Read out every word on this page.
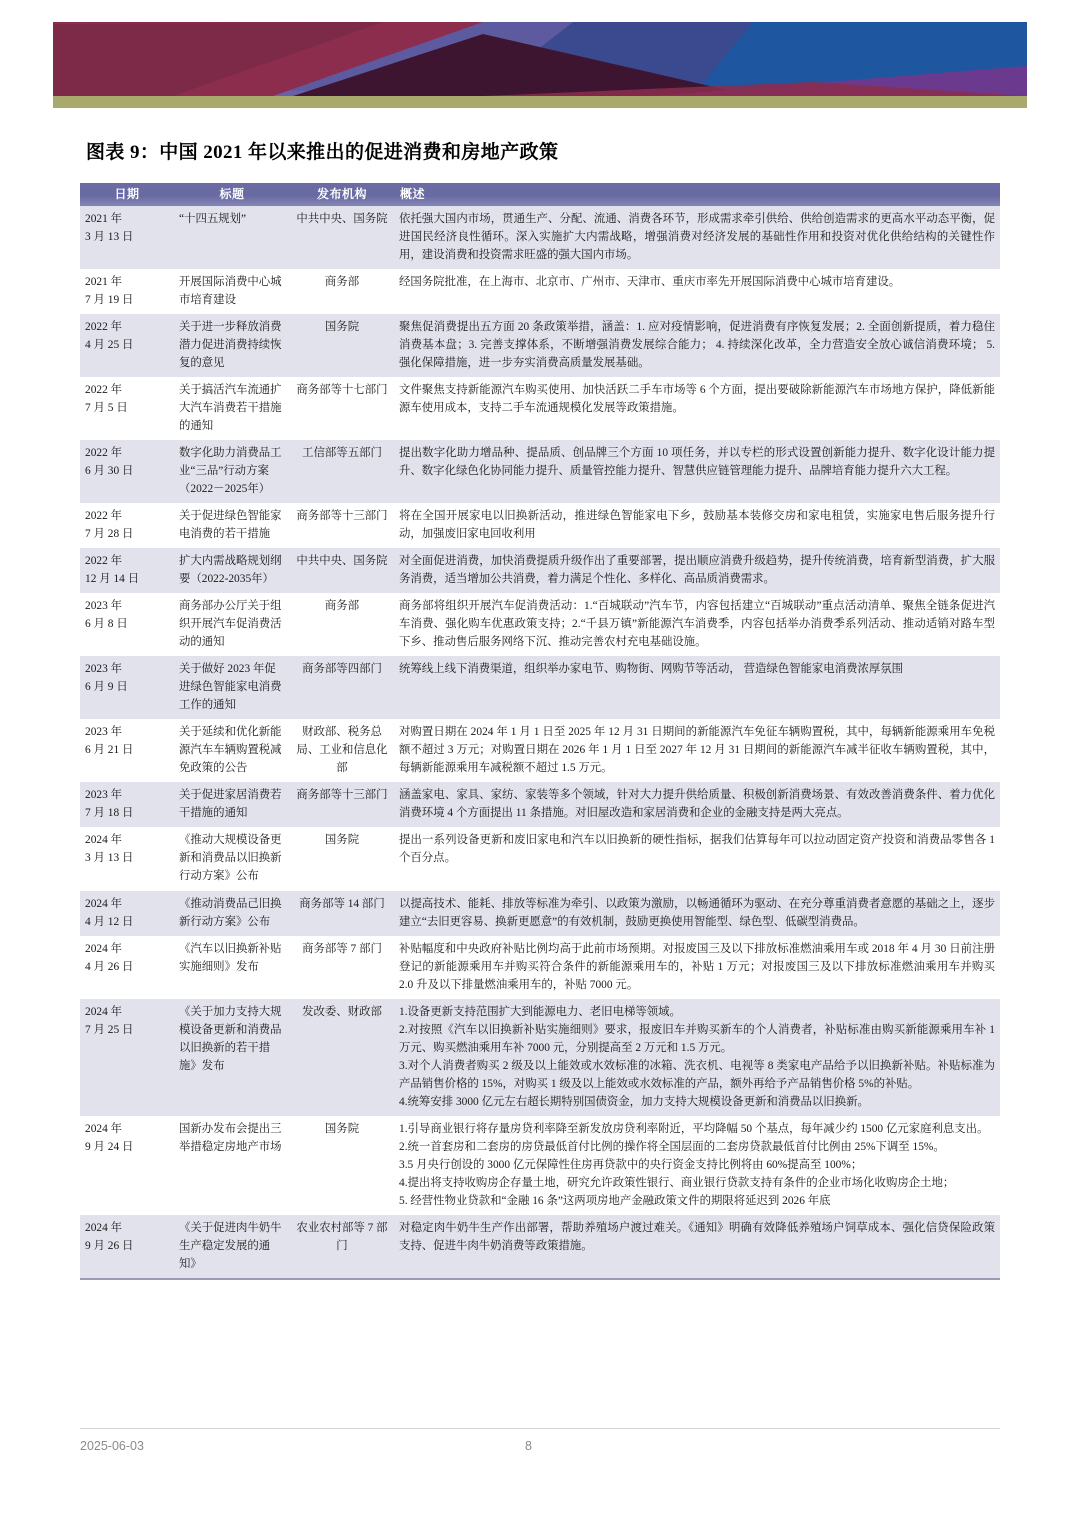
图表 9：中国 2021 年以来推出的促进消费和房地产政策
日期	标题	发布机构	概述

2021 年
3 月 13 日	“十四五规划”	中共中央、国务院	依托强大国内市场，贯通生产、分配、流通、消费各环节，形成需求牵引供给、供给创造需求的更高水平动态平衡，促进国民经济良性循环。深入实施扩大内需战略，增强消费对经济发展的基础性作用和投资对优化供给结构的关键性作用，建设消费和投资需求旺盛的强大国内市场。

2021 年
7 月 19 日	开展国际消费中心城市培育建设	商务部	经国务院批准，在上海市、北京市、广州市、天津市、重庆市率先开展国际消费中心城市培育建设。

2022 年
4 月 25 日	关于进一步释放消费潜力促进消费持续恢复的意见	国务院	聚焦促消费提出五方面 20 条政策举措，涵盖：1. 应对疫情影响，促进消费有序恢复发展；2. 全面创新提质，着力稳住消费基本盘；3. 完善支撑体系，不断增强消费发展综合能力； 4. 持续深化改革，全力营造安全放心诚信消费环境； 5. 强化保障措施，进一步夯实消费高质量发展基础。

2022 年
7 月 5 日	关于搞活汽车流通扩大汽车消费若干措施的通知	商务部等十七部门	文件聚焦支持新能源汽车购买使用、加快活跃二手车市场等 6 个方面，提出要破除新能源汽车市场地方保护，降低新能源车使用成本，支持二手车流通规模化发展等政策措施。

2022 年
6 月 30 日	数字化助力消费品工业“三品”行动方案（2022－2025年）	工信部等五部门	提出数字化助力增品种、提品质、创品牌三个方面 10 项任务，并以专栏的形式设置创新能力提升、数字化设计能力提升、数字化绿色化协同能力提升、质量管控能力提升、智慧供应链管理能力提升、品牌培育能力提升六大工程。

2022 年
7 月 28 日	关于促进绿色智能家电消费的若干措施	商务部等十三部门	将在全国开展家电以旧换新活动，推进绿色智能家电下乡，鼓励基本装修交房和家电租赁，实施家电售后服务提升行动，加强废旧家电回收利用

2022 年
12 月 14 日	扩大内需战略规划纲要（2022-2035年）	中共中央、国务院	对全面促进消费，加快消费提质升级作出了重要部署，提出顺应消费升级趋势，提升传统消费，培育新型消费，扩大服务消费，适当增加公共消费，着力满足个性化、多样化、高品质消费需求。

2023 年
6 月 8 日	商务部办公厅关于组织开展汽车促消费活动的通知	商务部	商务部将组织开展汽车促消费活动：1.“百城联动”汽车节，内容包括建立“百城联动”重点活动清单、聚焦全链条促进汽车消费、强化购车优惠政策支持；2.“千县万镇”新能源汽车消费季，内容包括举办消费季系列活动、推动适销对路车型下乡、推动售后服务网络下沉、推动完善农村充电基础设施。

2023 年
6 月 9 日	关于做好 2023 年促进绿色智能家电消费工作的通知	商务部等四部门	统筹线上线下消费渠道，组织举办家电节、购物街、网购节等活动， 营造绿色智能家电消费浓厚氛围

2023 年
6 月 21 日	关于延续和优化新能源汽车车辆购置税减免政策的公告	财政部、税务总局、工业和信息化部	对购置日期在 2024 年 1 月 1 日至 2025 年 12 月 31 日期间的新能源汽车免征车辆购置税，其中，每辆新能源乘用车免税额不超过 3 万元；对购置日期在 2026 年 1 月 1 日至 2027 年 12 月 31 日期间的新能源汽车减半征收车辆购置税，其中，每辆新能源乘用车减税额不超过 1.5 万元。

2023 年
7 月 18 日	关于促进家居消费若干措施的通知	商务部等十三部门	涵盖家电、家具、家纺、家装等多个领域，针对大力提升供给质量、积极创新消费场景、有效改善消费条件、着力优化消费环境 4 个方面提出 11 条措施。对旧屋改造和家居消费和企业的金融支持是两大亮点。

2024 年
3 月 13 日	《推动大规模设备更新和消费品以旧换新行动方案》公布	国务院	提出一系列设备更新和废旧家电和汽车以旧换新的硬性指标，据我们估算每年可以拉动固定资产投资和消费品零售各 1 个百分点。

2024 年
4 月 12 日	《推动消费品己旧换新行动方案》公布	商务部等 14 部门	以提高技术、能耗、排放等标准为牵引、以政策为激励，以畅通循环为驱动、在充分尊重消费者意愿的基础之上，逐步建立“去旧更容易、换新更愿意”的有效机制，鼓励更换使用智能型、绿色型、低碳型消费品。

2024 年
4 月 26 日	《汽车以旧换新补贴实施细则》发布	商务部等 7 部门	补贴幅度和中央政府补贴比例均高于此前市场预期。对报废国三及以下排放标准燃油乘用车或 2018 年 4 月 30 日前注册登记的新能源乘用车并购买符合条件的新能源乘用车的，补贴 1 万元；对报废国三及以下排放标准燃油乘用车并购买 2.0 升及以下排量燃油乘用车的，补贴 7000 元。

2024 年
7 月 25 日	《关于加力支持大规模设备更新和消费品以旧换新的若干措施》发布	发改委、财政部	1.设备更新支持范围扩大到能源电力、老旧电梯等领域。
2.对按照《汽车以旧换新补贴实施细则》要求，报废旧车并购买新车的个人消费者，补贴标准由购买新能源乘用车补 1 万元、购买燃油乘用车补 7000 元，分别提高至 2 万元和 1.5 万元。
3.对个人消费者购买 2 级及以上能效或水效标准的冰箱、洗衣机、电视等 8 类家电产品给予以旧换新补贴。补贴标准为产品销售价格的 15%，对购买 1 级及以上能效或水效标准的产品，额外再给予产品销售价格 5%的补贴。
4.统筹安排 3000 亿元左右超长期特别国债资金，加力支持大规模设备更新和消费品以旧换新。

2024 年
9 月 24 日	国新办发布会提出三举措稳定房地产市场	国务院	1.引导商业银行将存量房贷利率降至新发放房贷利率附近，平均降幅 50 个基点，每年减少约 1500 亿元家庭利息支出。
2.统一首套房和二套房的房贷最低首付比例的操作将全国层面的二套房贷款最低首付比例由 25%下调至 15%。
3.5 月央行创设的 3000 亿元保障性住房再贷款中的央行资金支持比例将由 60%提高至 100%；
4.提出将支持收购房企存量土地，研究允许政策性银行、商业银行贷款支持有条件的企业市场化收购房企土地；
5. 经营性物业贷款和“金融 16 条”这两项房地产金融政策文件的期限将延迟到 2026 年底

2024 年
9 月 26 日	《关于促进肉牛奶牛生产稳定发展的通知》	农业农村部等 7 部门	对稳定肉牛奶牛生产作出部署，帮助养殖场户渡过难关。《通知》明确有效降低养殖场户饲草成本、强化信贷保险政策支持、促进牛肉牛奶消费等政策措施。
2025-06-03	8
